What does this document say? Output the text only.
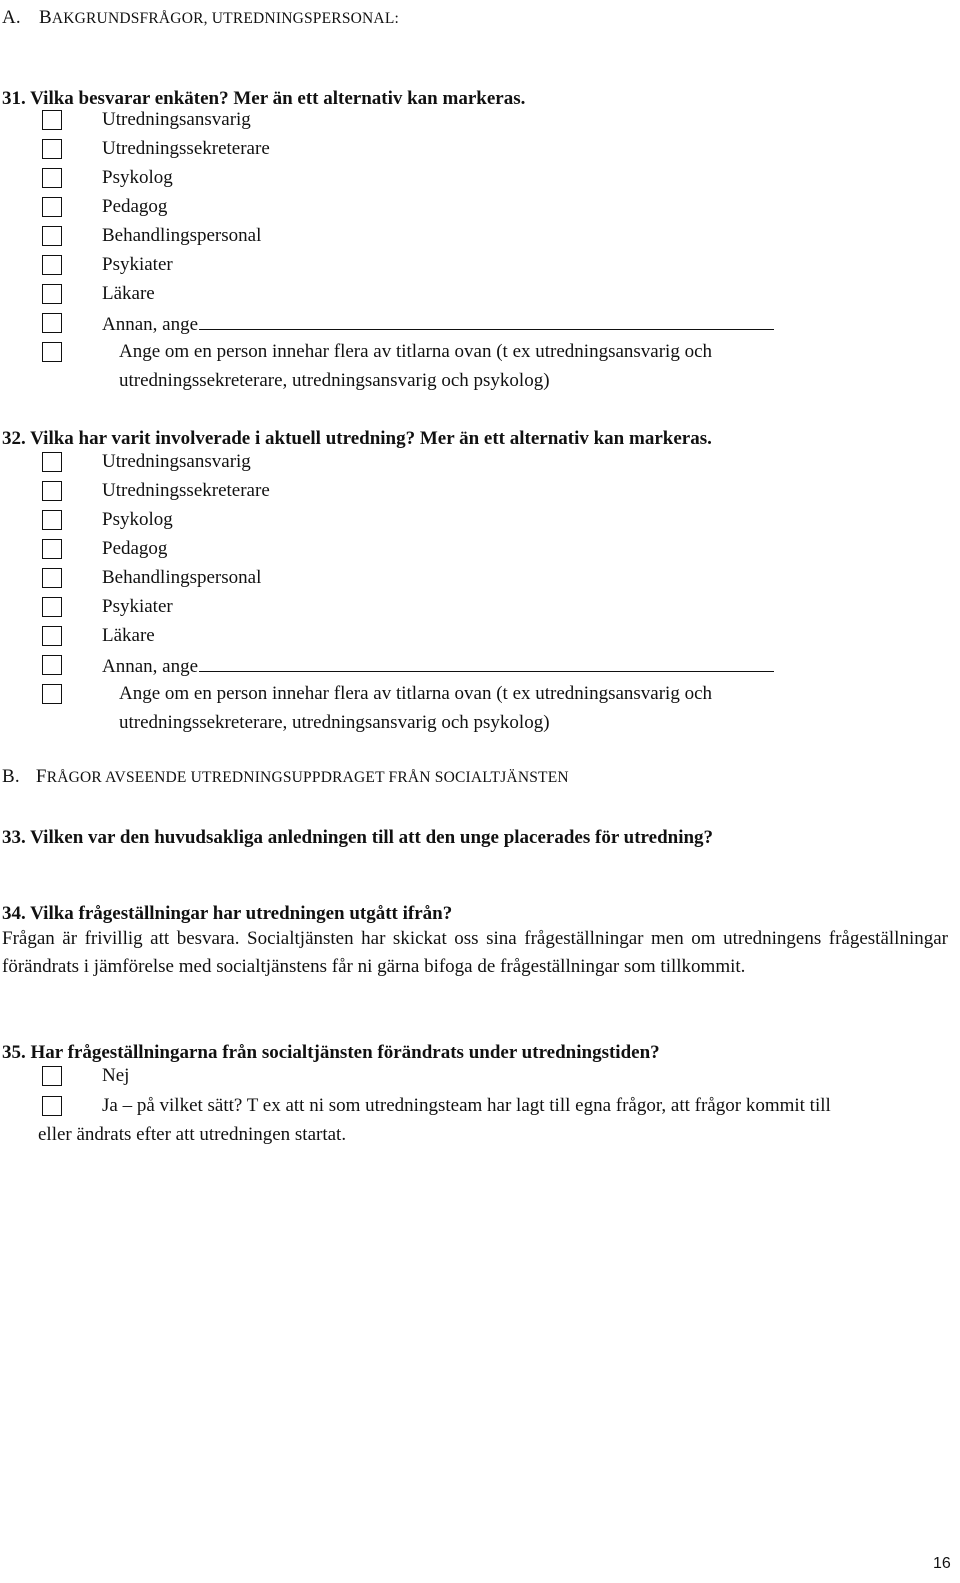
A. BAKGRUNDSFRÅGOR, UTREDNINGSPERSONAL:
31. Vilka besvarar enkäten? Mer än ett alternativ kan markeras.
Utredningsansvarig
Utredningssekreterare
Psykolog
Pedagog
Behandlingspersonal
Psykiater
Läkare
Annan, ange
Ange om en person innehar flera av titlarna ovan (t ex utredningsansvarig och
utredningssekreterare, utredningsansvarig och psykolog)
32. Vilka har varit involverade i aktuell utredning? Mer än ett alternativ kan markeras.
Utredningsansvarig
Utredningssekreterare
Psykolog
Pedagog
Behandlingspersonal
Psykiater
Läkare
Annan, ange
Ange om en person innehar flera av titlarna ovan (t ex utredningsansvarig och
utredningssekreterare, utredningsansvarig och psykolog)
B. FRÅGOR AVSEENDE UTREDNINGSUPPDRAGET FRÅN SOCIALTJÄNSTEN
33. Vilken var den huvudsakliga anledningen till att den unge placerades för utredning?
34. Vilka frågeställningar har utredningen utgått ifrån?
Frågan är frivillig att besvara. Socialtjänsten har skickat oss sina frågeställningar men om utredningens frågeställningar förändrats i jämförelse med socialtjänstens får ni gärna bifoga de frågeställningar som tillkommit.
35. Har frågeställningarna från socialtjänsten förändrats under utredningstiden?
Nej
Ja – på vilket sätt? T ex att ni som utredningsteam har lagt till egna frågor, att frågor kommit till
eller ändrats efter att utredningen startat.
16
